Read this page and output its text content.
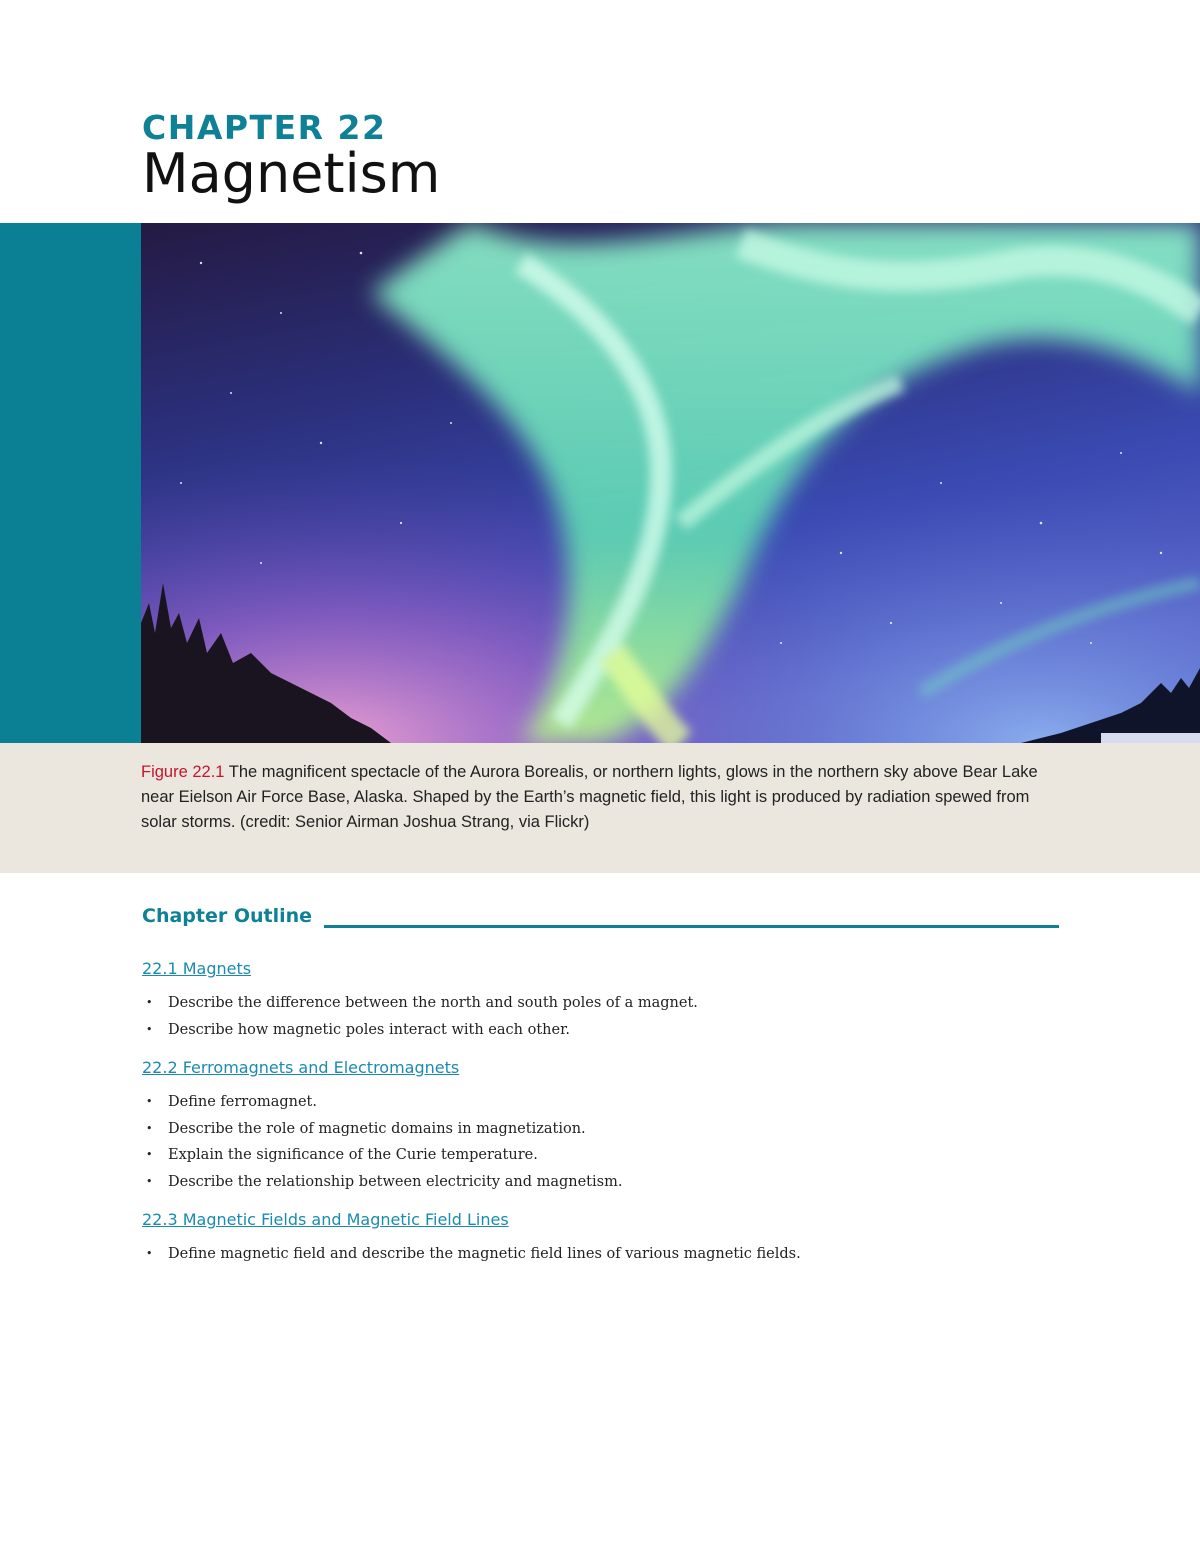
CHAPTER 22
Magnetism

Figure 22.1 The magnificent spectacle of the Aurora Borealis, or northern lights, glows in the northern sky above Bear Lake near Eielson Air Force Base, Alaska. Shaped by the Earth’s magnetic field, this light is produced by radiation spewed from solar storms. (credit: Senior Airman Joshua Strang, via Flickr)

Chapter Outline
22.1 Magnets
• Describe the difference between the north and south poles of a magnet.
• Describe how magnetic poles interact with each other.
22.2 Ferromagnets and Electromagnets
• Define ferromagnet.
• Describe the role of magnetic domains in magnetization.
• Explain the significance of the Curie temperature.
• Describe the relationship between electricity and magnetism.
22.3 Magnetic Fields and Magnetic Field Lines
• Define magnetic field and describe the magnetic field lines of various magnetic fields.
